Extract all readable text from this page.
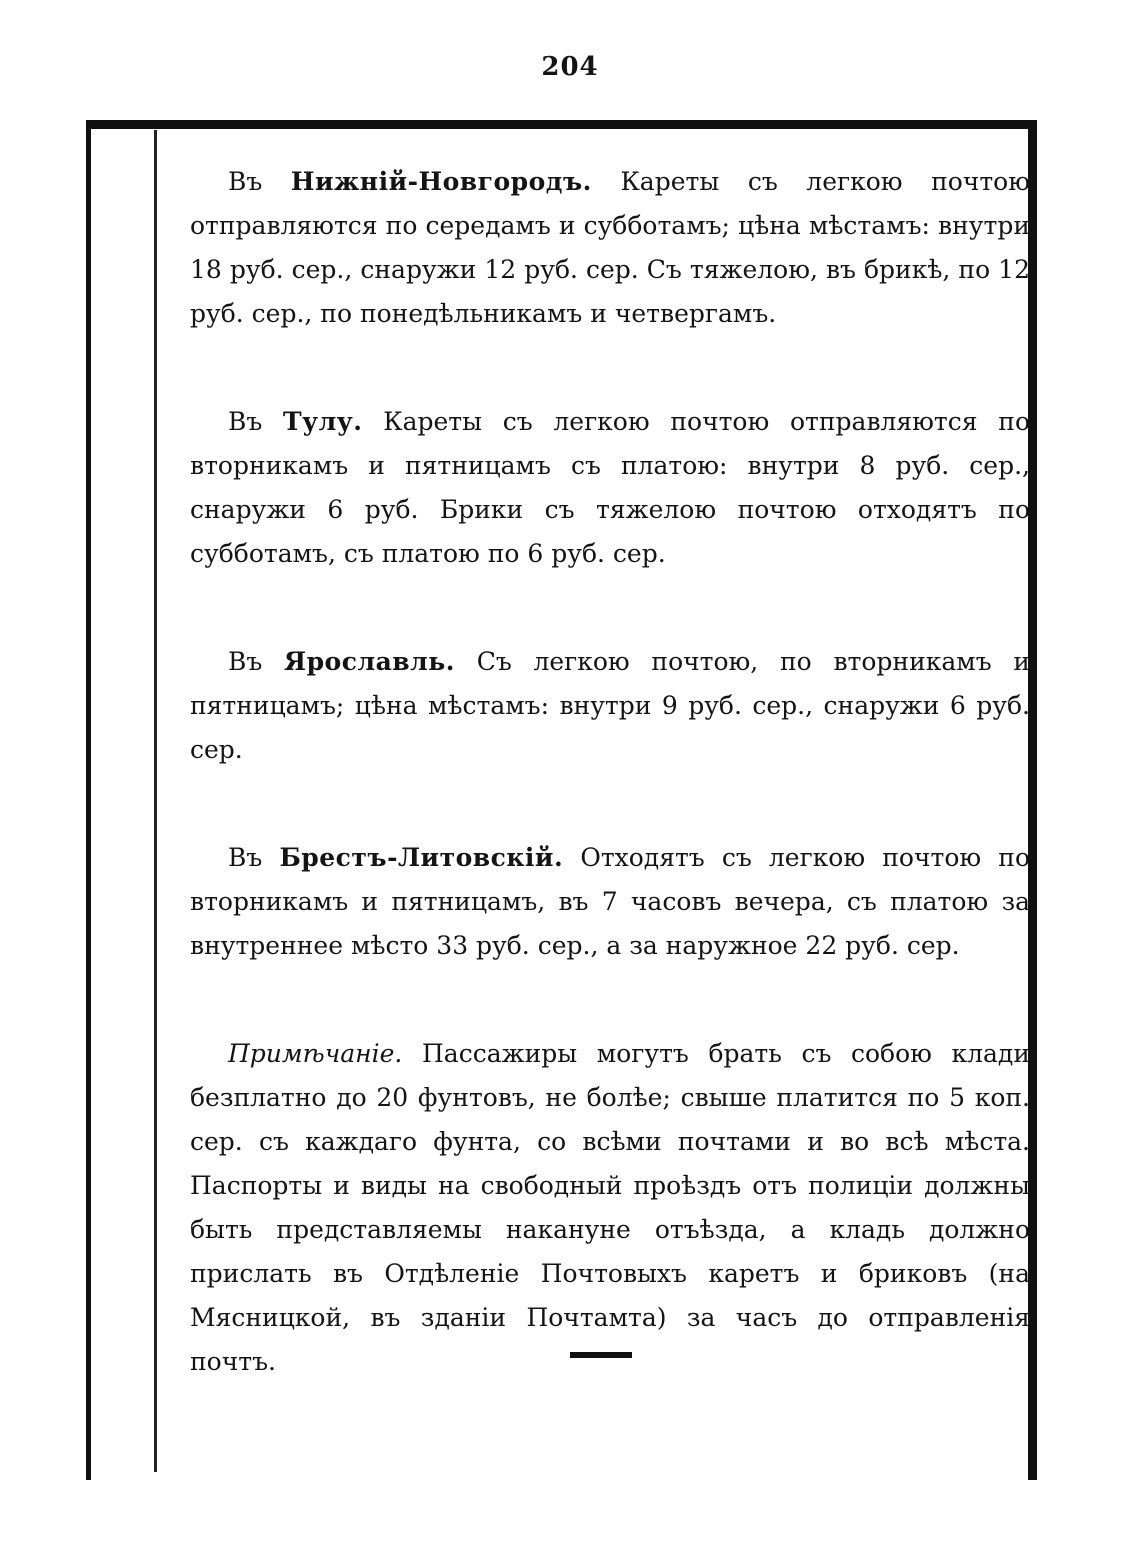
204

Въ Нижній-Новгородъ. Кареты съ легкою почтою отправляются по середамъ и субботамъ; цѣна мѣстамъ: внутри 18 руб. сер., снаружи 12 руб. сер. Съ тяжелою, въ брикѣ, по 12 руб. сер., по понедѣльникамъ и четвергамъ.

Въ Тулу. Кареты съ легкою почтою отправляются по вторникамъ и пятницамъ съ платою: внутри 8 руб. сер., снаружи 6 руб. Брики съ тяжелою почтою отходятъ по субботамъ, съ платою по 6 руб. сер.

Въ Ярославль. Съ легкою почтою, по вторникамъ и пятницамъ; цѣна мѣстамъ: внутри 9 руб. сер., снаружи 6 руб. сер.

Въ Брестъ-Литовскій. Отходятъ съ легкою почтою по вторникамъ и пятницамъ, въ 7 часовъ вечера, съ платою за внутреннее мѣсто 33 руб. сер., а за наружное 22 руб. сер.

Примѣчаніе. Пассажиры могутъ брать съ собою клади безплатно до 20 фунтовъ, не болѣе; свыше платится по 5 коп. сер. съ каждаго фунта, со всѣми почтами и во всѣ мѣста. Паспорты и виды на свободный проѣздъ отъ полиціи должны быть представляемы накануне отъѣзда, а кладь должно прислать въ Отдѣленіе Почтовыхъ каретъ и бриковъ (на Мясницкой, въ зданіи Почтамта) за часъ до отправленія почтъ.
